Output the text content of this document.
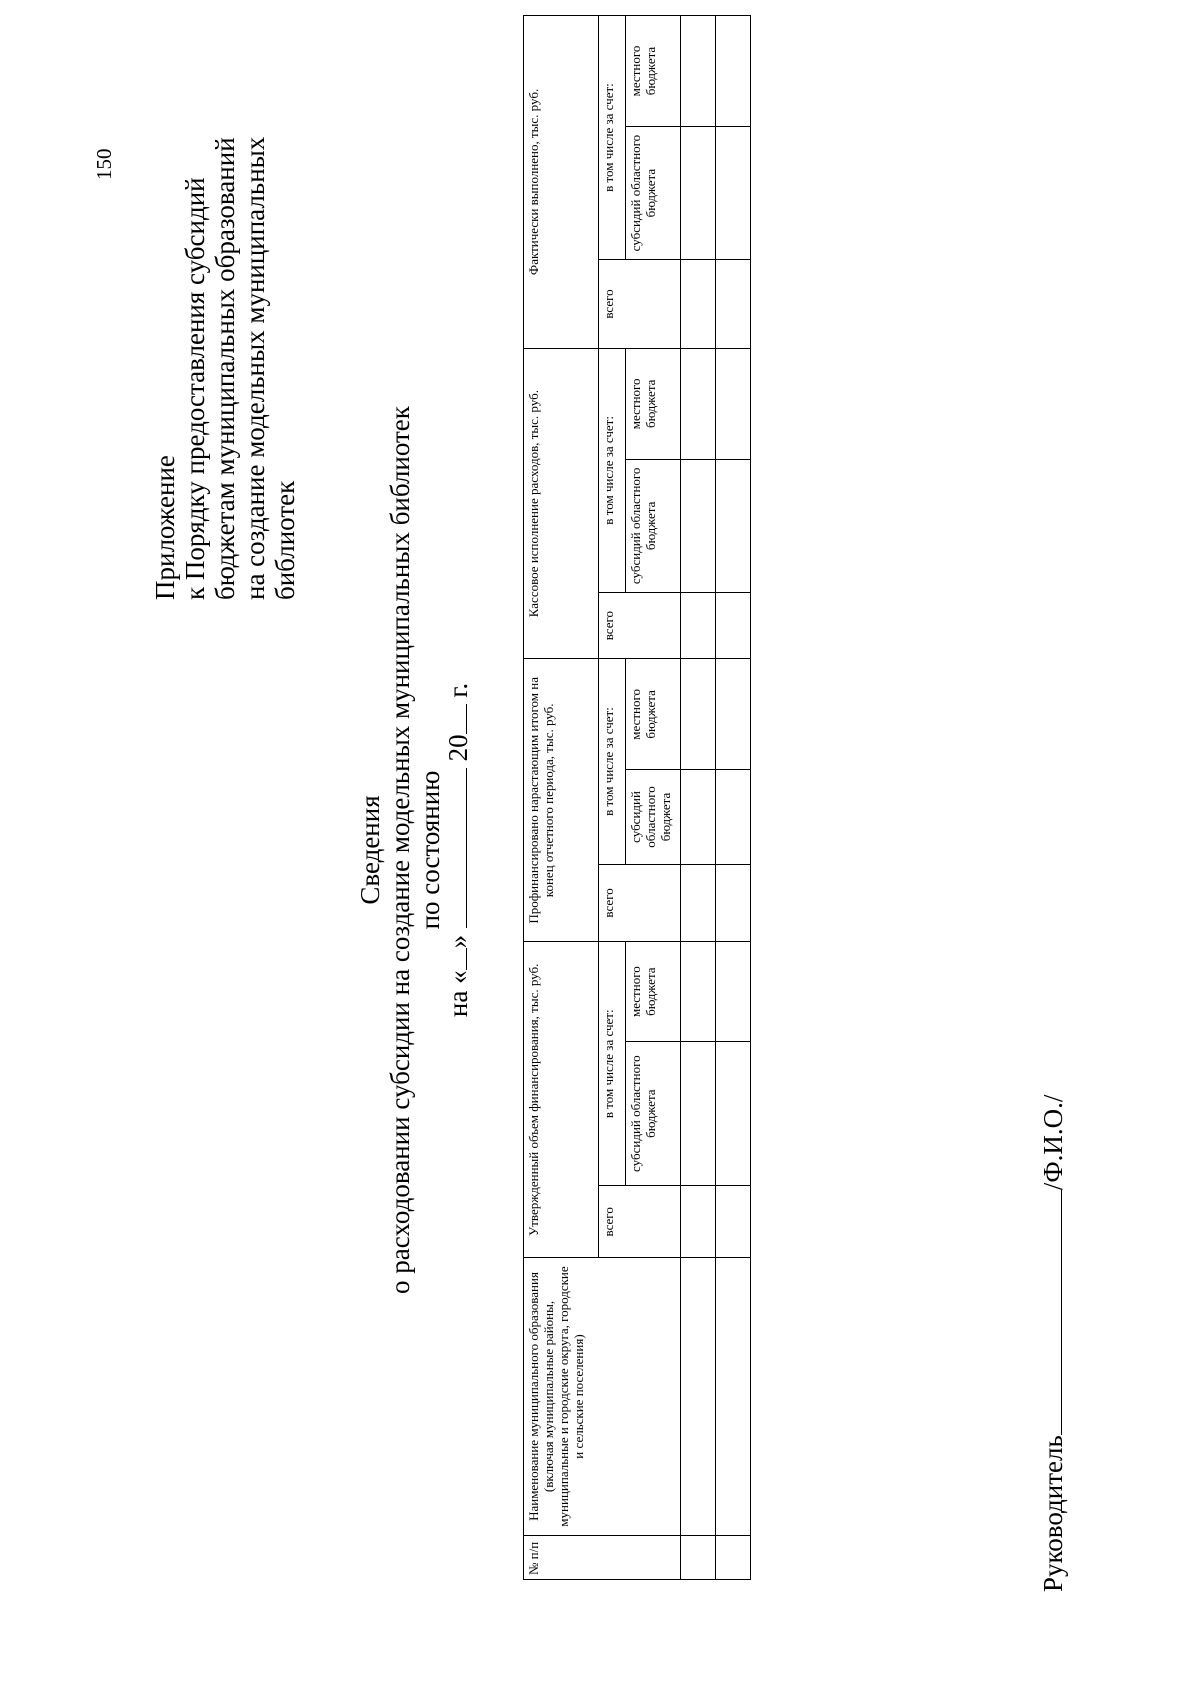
150
Приложение к Порядку предоставления субсидий бюджетам муниципальных образований на создание модельных муниципальных библиотек
Сведения о расходовании субсидии на создание модельных муниципальных библиотек по состоянию
на «»  20 г.
№ п/п	Наименование муниципального образования (включая муниципальные районы, муниципальные и городские округа, городские и сельские поселения)	Утвержденный объем финансирования, тыс. руб.			Профинансировано нарастающим итогом на конец отчетного периода, тыс. руб.			Кассовое исполнение расходов, тыс. руб.			Фактически выполнено, тыс. руб.		
		всего	в том числе за счет:		всего	в том числе за счет:		всего	в том числе за счет:		всего	в том числе за счет:	
			субсидий областного бюджета	местного бюджета		субсидий областного бюджета	местного бюджета		субсидий областного бюджета	местного бюджета		субсидий областного бюджета	местного бюджета

Руководитель/Ф.И.О./
